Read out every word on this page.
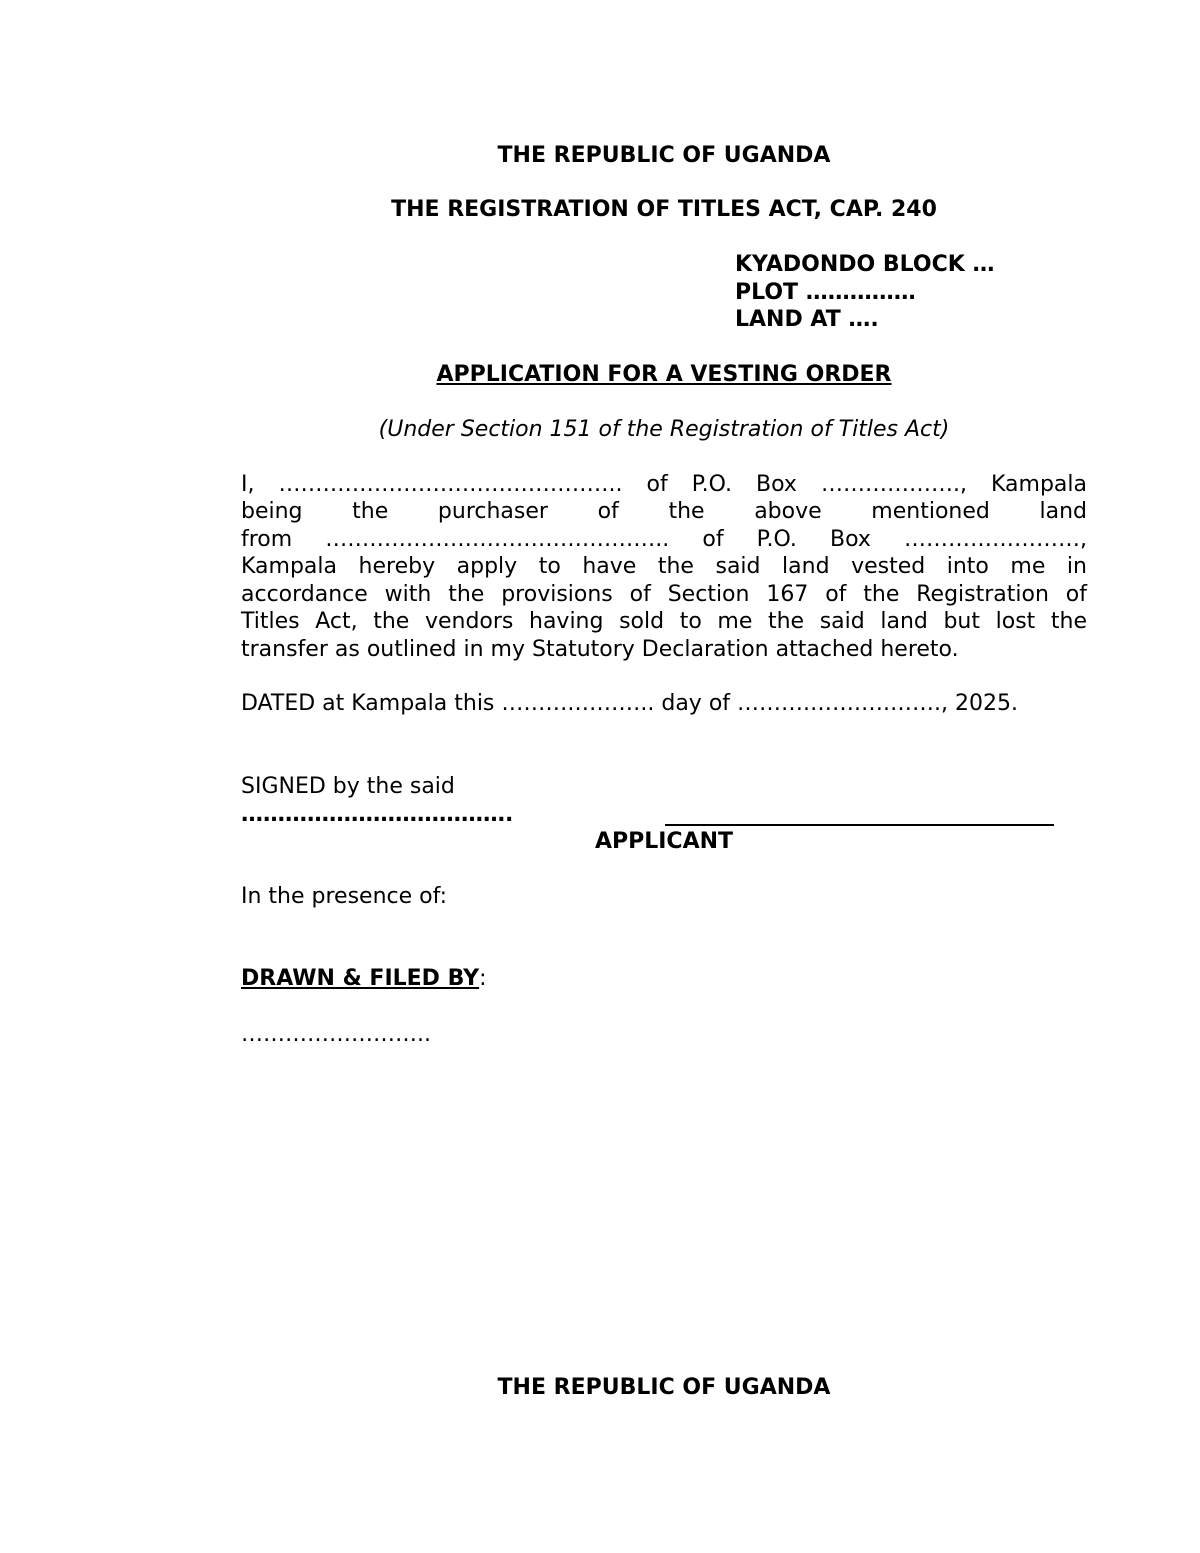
THE REPUBLIC OF UGANDA
THE REGISTRATION OF TITLES ACT, CAP. 240
KYADONDO BLOCK …
PLOT ……………
LAND AT ….
APPLICATION FOR A VESTING ORDER
(Under Section 151 of the Registration of Titles Act)
I, ……………………………………….. of P.O. Box ………………., Kampala
being the purchaser of the above mentioned land
from ……………………………………….. of P.O. Box ……………………,
Kampala hereby apply to have the said land vested into me in
accordance with the provisions of Section 167 of the Registration of
Titles Act, the vendors having sold to me the said land but lost the
transfer as outlined in my Statutory Declaration attached hereto.
DATED at Kampala this ……….……….. day of ……….…….….……., 2025.
SIGNED by the said
……………………………….
APPLICANT
In the presence of:
DRAWN & FILED BY:
……………………..
THE REPUBLIC OF UGANDA
